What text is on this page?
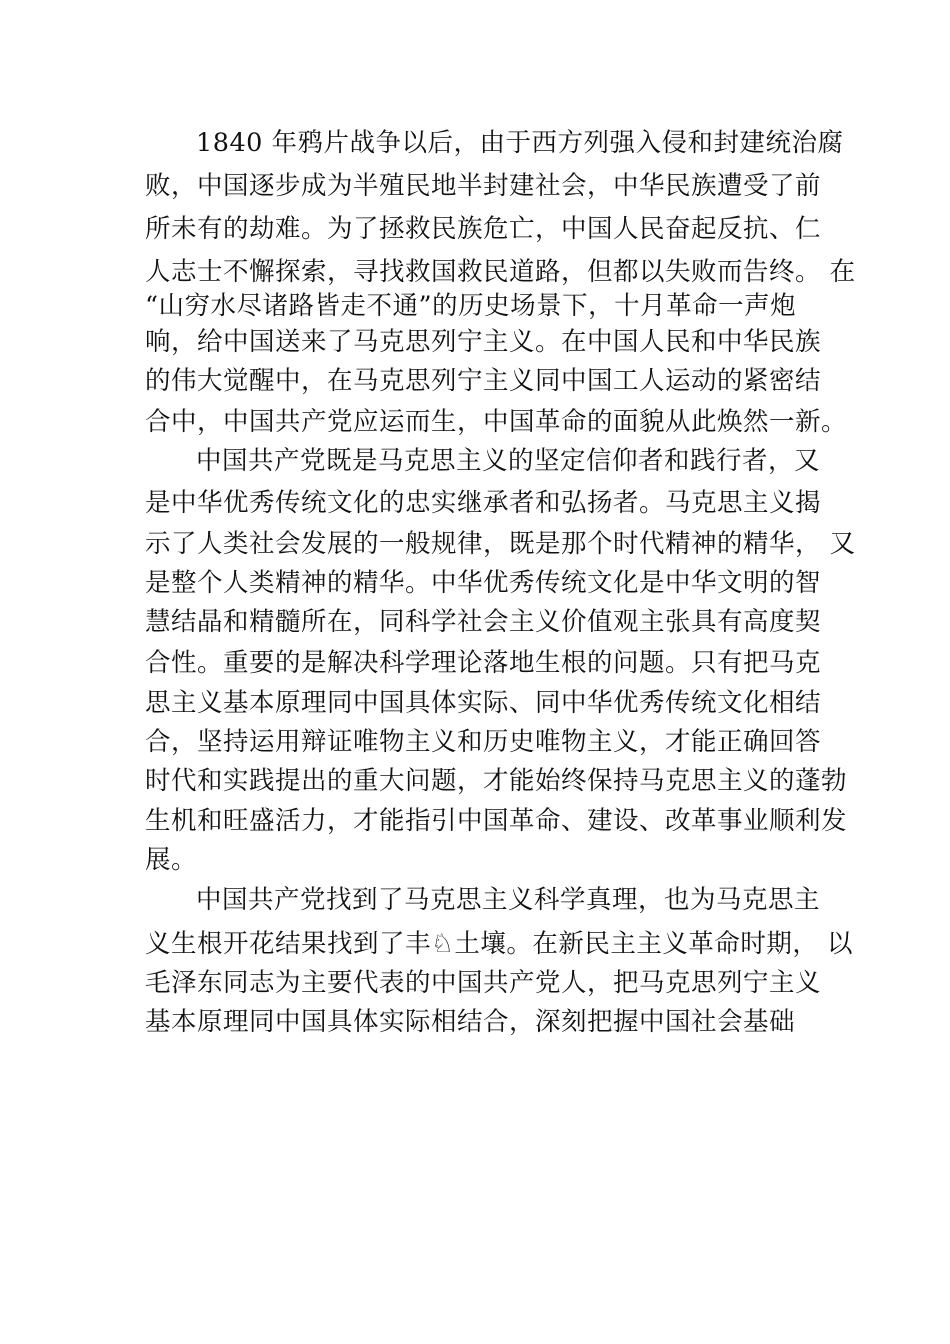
1840 年鸦片战争以后，由于西方列强入侵和封建统治腐
败，中国逐步成为半殖民地半封建社会，中华民族遭受了前
所未有的劫难。为了拯救民族危亡，中国人民奋起反抗、仁
人志士不懈探索，寻找救国救民道路，但都以失败而告终。 在
“山穷水尽诸路皆走不通”的历史场景下，十月革命一声炮
响，给中国送来了马克思列宁主义。在中国人民和中华民族
的伟大觉醒中，在马克思列宁主义同中国工人运动的紧密结
合中，中国共产党应运而生，中国革命的面貌从此焕然一新。
中国共产党既是马克思主义的坚定信仰者和践行者，又
是中华优秀传统文化的忠实继承者和弘扬者。马克思主义揭
示了人类社会发展的一般规律，既是那个时代精神的精华， 又
是整个人类精神的精华。中华优秀传统文化是中华文明的智
慧结晶和精髓所在，同科学社会主义价值观主张具有高度契
合性。重要的是解决科学理论落地生根的问题。只有把马克
思主义基本原理同中国具体实际、同中华优秀传统文化相结
合，坚持运用辩证唯物主义和历史唯物主义，才能正确回答
时代和实践提出的重大问题，才能始终保持马克思主义的蓬勃
生机和旺盛活力，才能指引中国革命、建设、改革事业顺利发
展。
中国共产党找到了马克思主义科学真理，也为马克思主
义生根开花结果找到了丰♘土壤。在新民主主义革命时期， 以
毛泽东同志为主要代表的中国共产党人，把马克思列宁主义
基本原理同中国具体实际相结合，深刻把握中国社会基础
